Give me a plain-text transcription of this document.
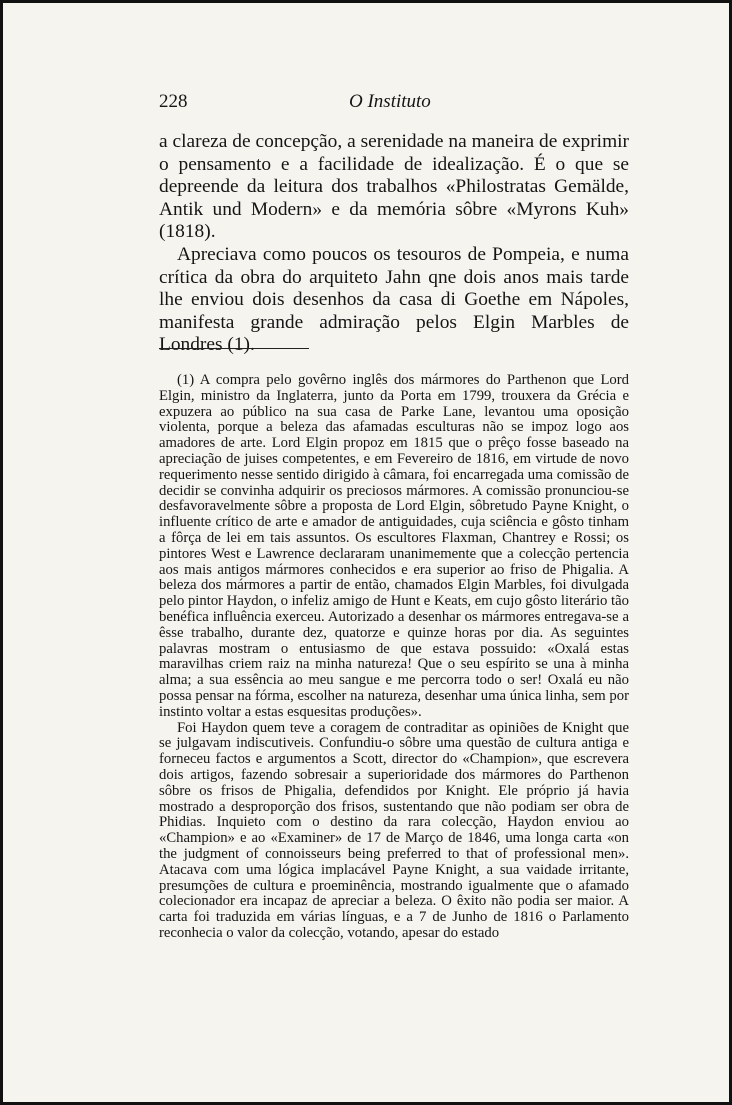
228	O Instituto

a clareza de concepção, a serenidade na maneira de exprimir o pensamento e a facilidade de idealização. É o que se depreende da leitura dos trabalhos «Philostratas Gemälde, Antik und Modern» e da memória sôbre «Myrons Kuh» (1818).

Apreciava como poucos os tesouros de Pompeia, e numa crítica da obra do arquiteto Jahn qne dois anos mais tarde lhe enviou dois desenhos da casa di Goethe em Nápoles, manifesta grande admiração pelos Elgin Marbles de Londres (1).

(1) A compra pelo govêrno inglês dos mármores do Parthenon que Lord Elgin, ministro da Inglaterra, junto da Porta em 1799, trouxera da Grécia e expuzera ao público na sua casa de Parke Lane, levantou uma oposição violenta, porque a beleza das afamadas esculturas não se impoz logo aos amadores de arte. Lord Elgin propoz em 1815 que o prêço fosse baseado na apreciação de juises competentes, e em Fevereiro de 1816, em virtude de novo requerimento nesse sentido dirigido à câmara, foi encarregada uma comissão de decidir se convinha adquirir os preciosos mármores. A comissão pronunciou-se desfavoravelmente sôbre a proposta de Lord Elgin, sôbretudo Payne Knight, o influente crítico de arte e amador de antiguidades, cuja sciência e gôsto tinham a fôrça de lei em tais assuntos. Os escultores Flaxman, Chantrey e Rossi; os pintores West e Lawrence declararam unanimemente que a colecção pertencia aos mais antigos mármores conhecidos e era superior ao friso de Phigalia. A beleza dos mármores a partir de então, chamados Elgin Marbles, foi divulgada pelo pintor Haydon, o infeliz amigo de Hunt e Keats, em cujo gôsto literário tão benéfica influência exerceu. Autorizado a desenhar os mármores entregava-se a êsse trabalho, durante dez, quatorze e quinze horas por dia. As seguintes palavras mostram o entusiasmo de que estava possuido: «Oxalá estas maravilhas criem raiz na minha natureza! Que o seu espírito se una à minha alma; a sua essência ao meu sangue e me percorra todo o ser! Oxalá eu não possa pensar na fórma, escolher na natureza, desenhar uma única linha, sem por instinto voltar a estas esquesitas produções».

Foi Haydon quem teve a coragem de contraditar as opiniões de Knight que se julgavam indiscutiveis. Confundiu-o sôbre uma questão de cultura antiga e forneceu factos e argumentos a Scott, director do «Champion», que escrevera dois artigos, fazendo sobresair a superioridade dos mármores do Parthenon sôbre os frisos de Phigalia, defendidos por Knight. Ele próprio já havia mostrado a desproporção dos frisos, sustentando que não podiam ser obra de Phidias. Inquieto com o destino da rara colecção, Haydon enviou ao «Champion» e ao «Examiner» de 17 de Março de 1846, uma longa carta «on the judgment of connoisseurs being preferred to that of professional men». Atacava com uma lógica implacável Payne Knight, a sua vaidade irritante, presumções de cultura e proeminência, mostrando igualmente que o afamado colecionador era incapaz de apreciar a beleza. O êxito não podia ser maior. A carta foi traduzida em várias línguas, e a 7 de Junho de 1816 o Parlamento reconhecia o valor da colecção, votando, apesar do estado
